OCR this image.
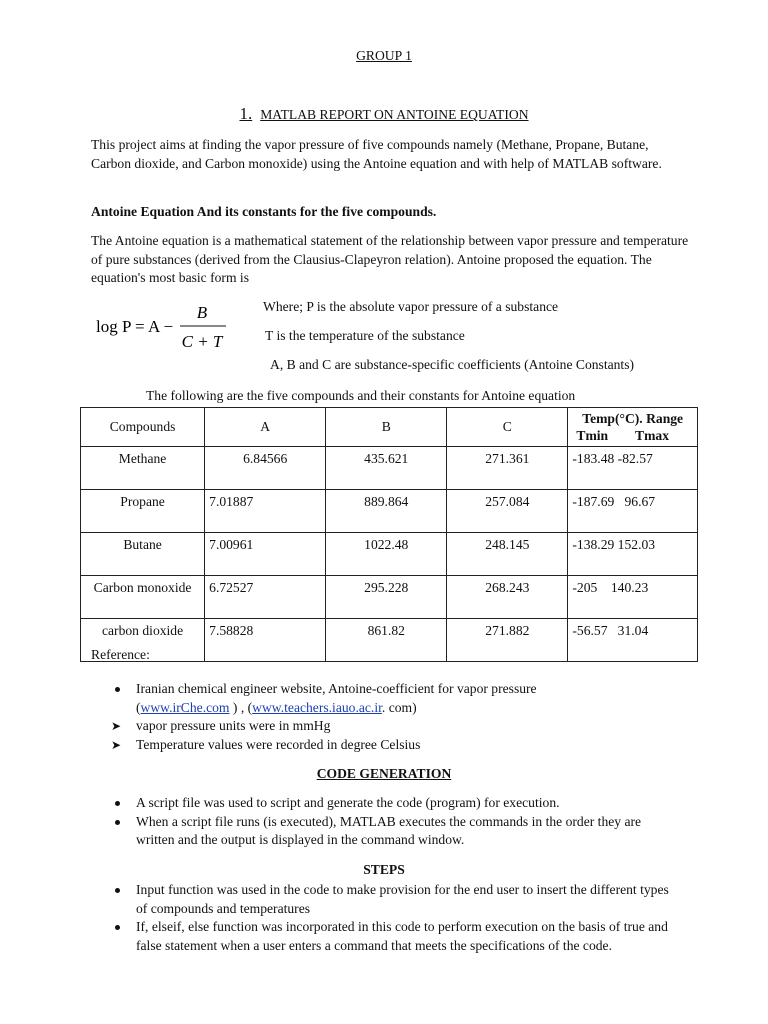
GROUP 1
1. MATLAB REPORT ON ANTOINE EQUATION
This project aims at finding the vapor pressure of five compounds namely (Methane, Propane, Butane, Carbon dioxide, and Carbon monoxide) using the Antoine equation and with help of MATLAB software.
Antoine Equation And its constants for the five compounds.
The Antoine equation is a mathematical statement of the relationship between vapor pressure and temperature of pure substances (derived from the Clausius-Clapeyron relation). Antoine proposed the equation. The equation's most basic form is
log P = A −
B
C + T
Where; P is the absolute vapor pressure of a substance
T is the temperature of the substance
A, B and C are substance-specific coefficients (Antoine Constants)
The following are the five compounds and their constants for Antoine equation
Compounds	A	B	C	Temp(°C). Range
Tmin        Tmax

Methane	6.84566	435.621	271.361	-183.48 -82.57
Propane	7.01887	889.864	257.084	-187.69   96.67
Butane	7.00961	1022.48	248.145	-138.29 152.03
Carbon monoxide	6.72527	295.228	268.243	-205    140.23
carbon dioxide	7.58828	861.82	271.882	-56.57   31.04
Reference:
Iranian chemical engineer website, Antoine-coefficient for vapor pressure
(www.irChe.com ) , (www.teachers.iauo.ac.ir. com)
➤	vapor pressure units were in mmHg
➤	Temperature values were recorded in degree Celsius
CODE GENERATION
A script file was used to script and generate the code (program) for execution.
When a script file runs (is executed), MATLAB executes the commands in the order they are written and the output is displayed in the command window.
STEPS
Input function was used in the code to make provision for the end user to insert the different types of compounds and temperatures
If, elseif, else function was incorporated in this code to perform execution on the basis of true and false statement when a user enters a command that meets the specifications of the code.
